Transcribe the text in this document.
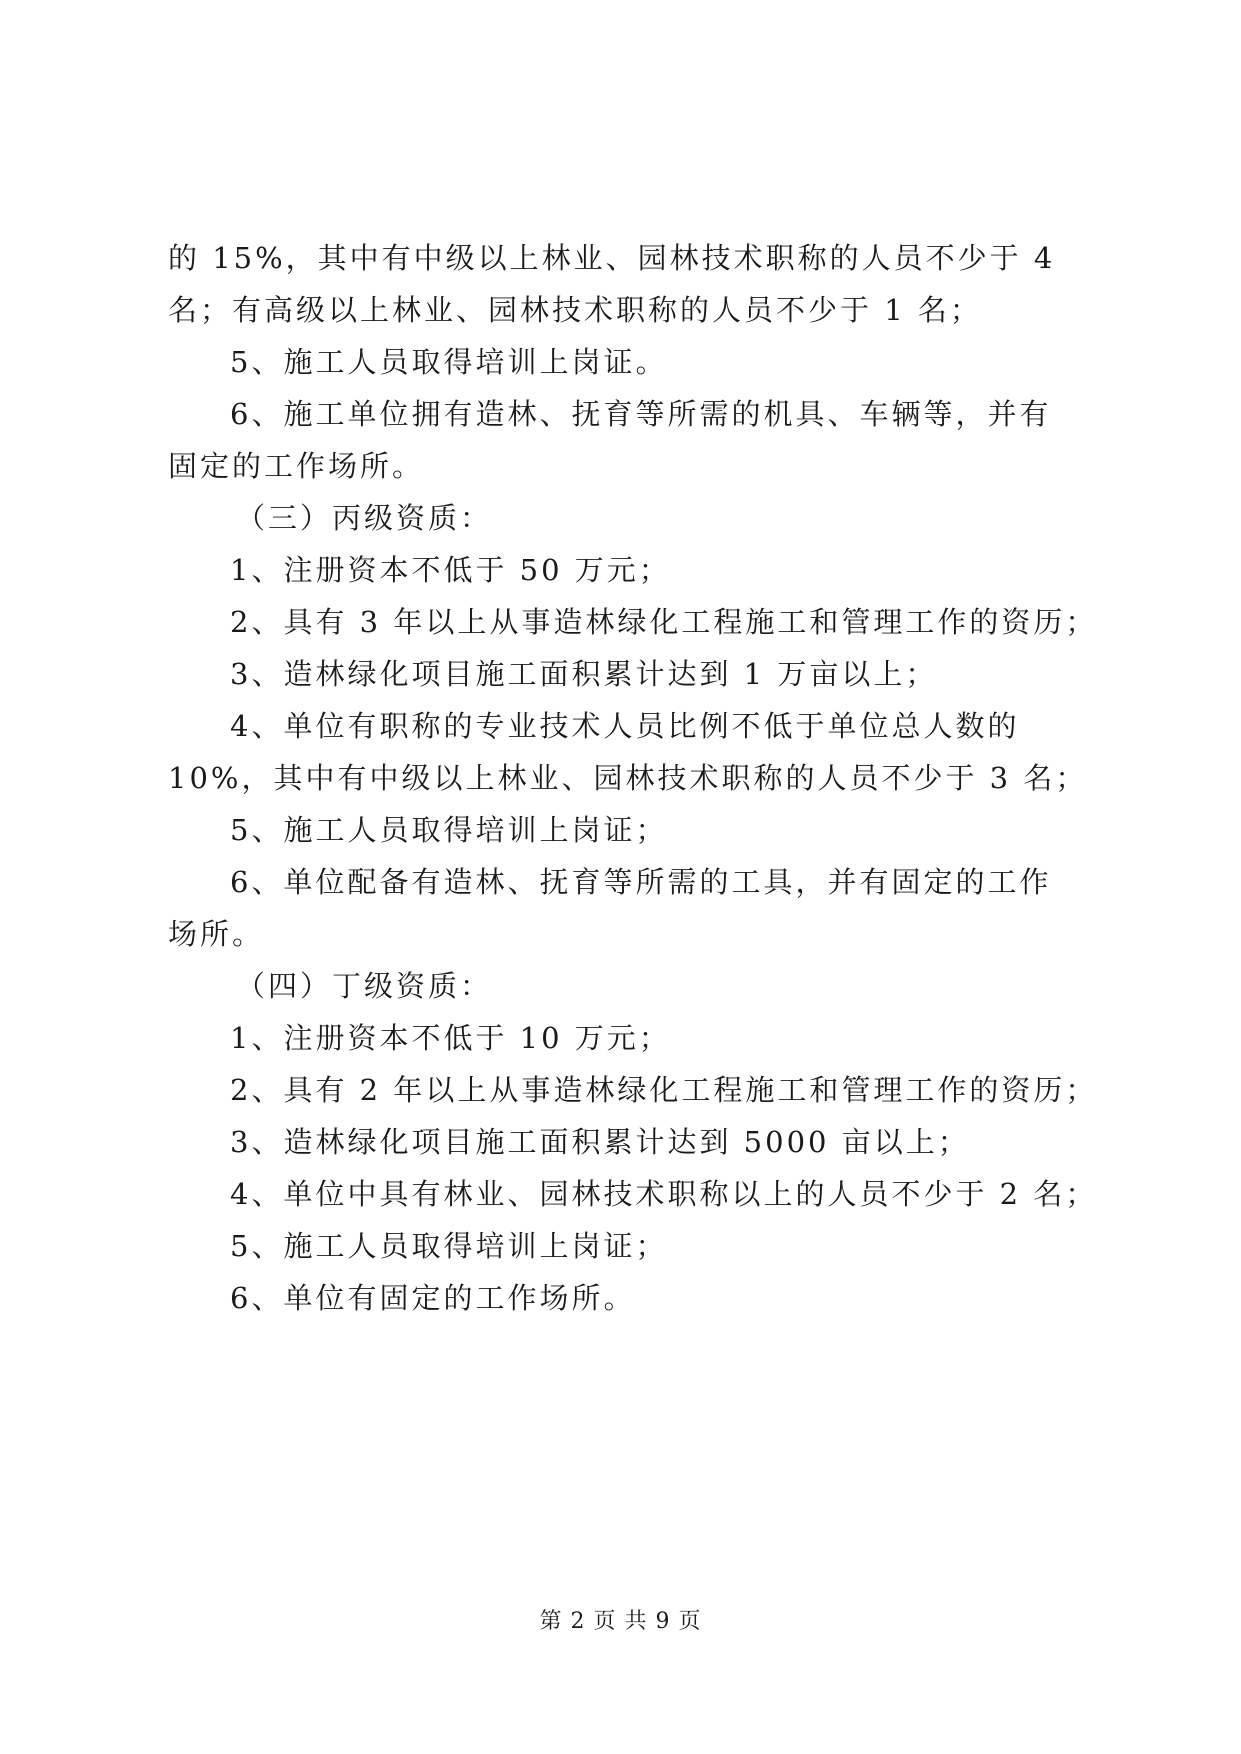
的 15%，其中有中级以上林业、园林技术职称的人员不少于 4
名；有高级以上林业、园林技术职称的人员不少于 1 名；
5、施工人员取得培训上岗证。
6、施工单位拥有造林、抚育等所需的机具、车辆等，并有
固定的工作场所。
（三）丙级资质：
1、注册资本不低于 50 万元；
2、具有 3 年以上从事造林绿化工程施工和管理工作的资历；
3、造林绿化项目施工面积累计达到 1 万亩以上；
4、单位有职称的专业技术人员比例不低于单位总人数的
10%，其中有中级以上林业、园林技术职称的人员不少于 3 名；
5、施工人员取得培训上岗证；
6、单位配备有造林、抚育等所需的工具，并有固定的工作
场所。
（四）丁级资质：
1、注册资本不低于 10 万元；
2、具有 2 年以上从事造林绿化工程施工和管理工作的资历；
3、造林绿化项目施工面积累计达到 5000 亩以上；
4、单位中具有林业、园林技术职称以上的人员不少于 2 名；
5、施工人员取得培训上岗证；
6、单位有固定的工作场所。
第 2 页 共 9 页
